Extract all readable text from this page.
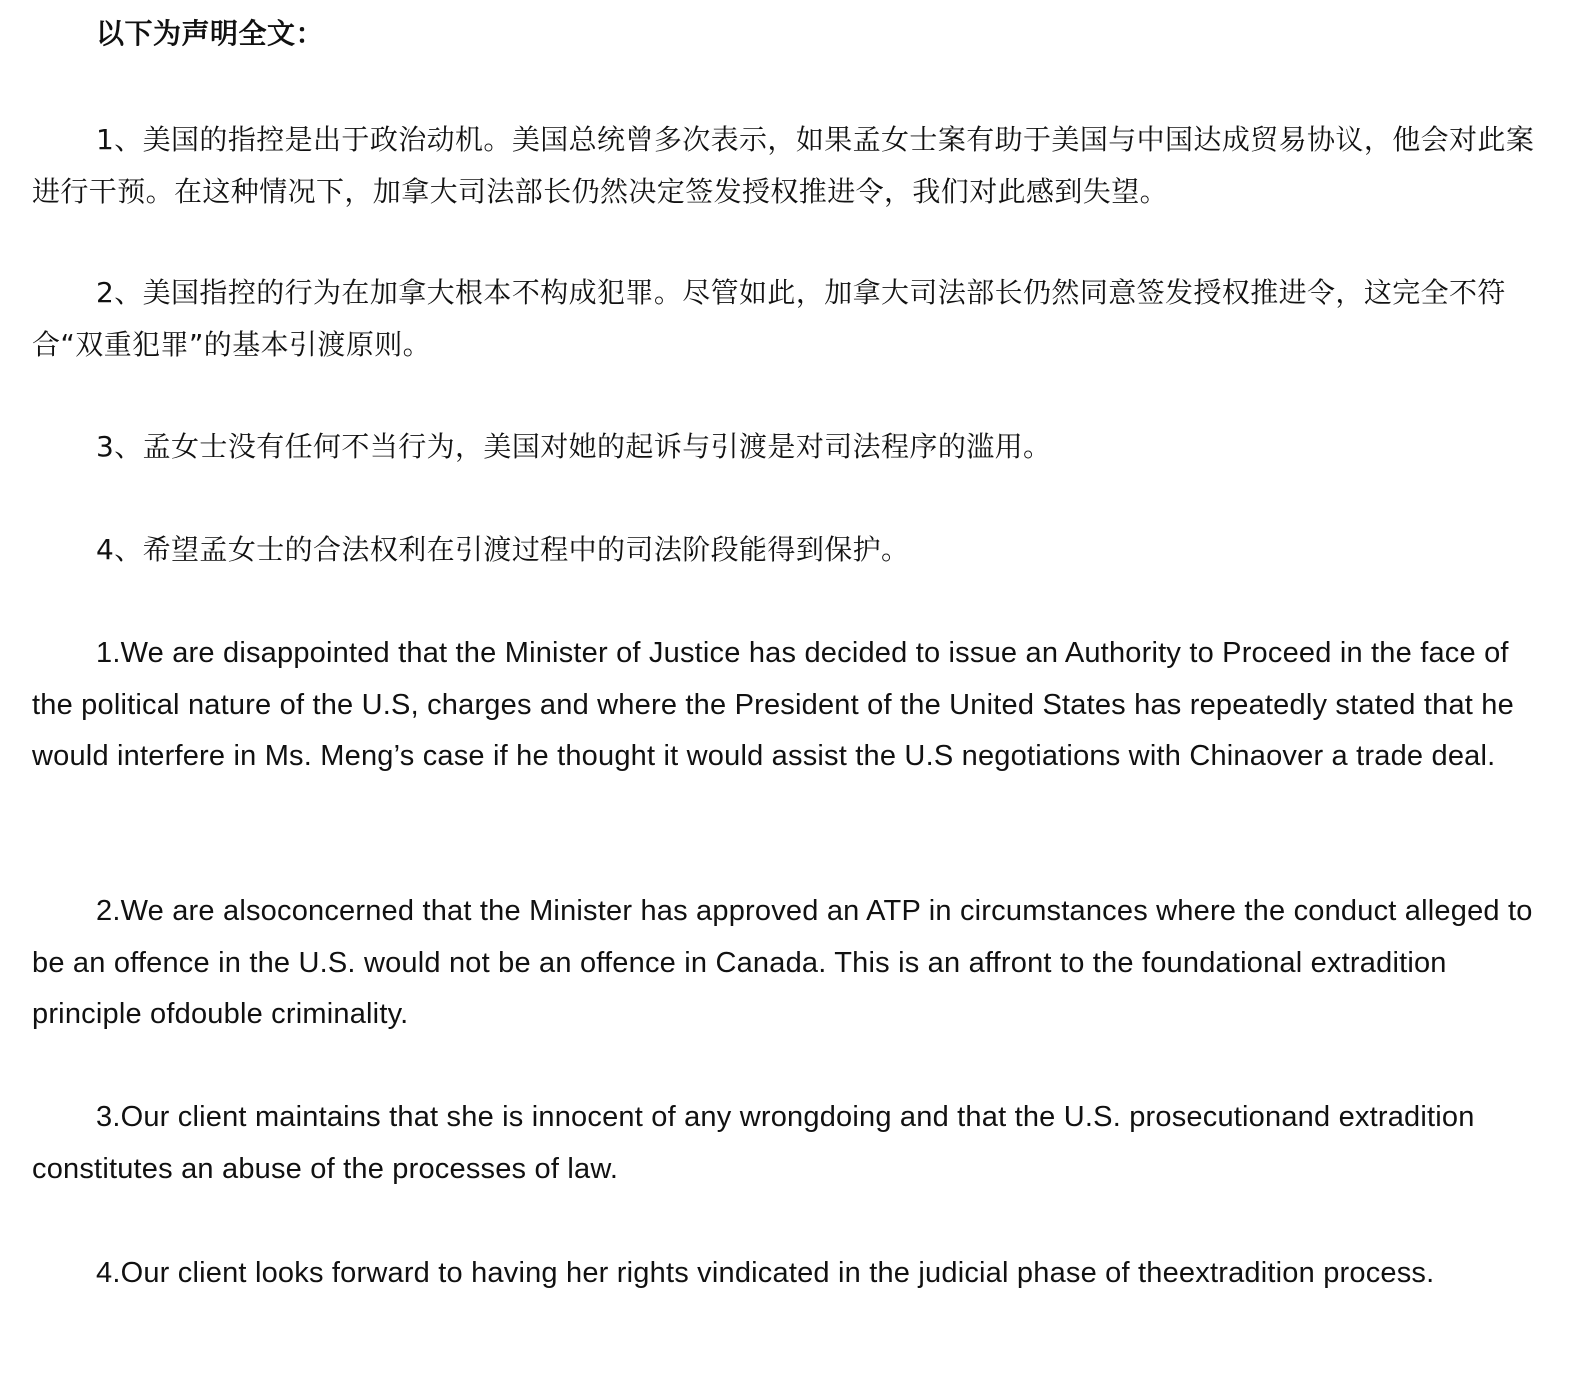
以下为声明全文：

1、美国的指控是出于政治动机。美国总统曾多次表示，如果孟女士案有助于美国与中国达成贸易协议，他会对此案进行干预。在这种情况下，加拿大司法部长仍然决定签发授权推进令，我们对此感到失望。

2、美国指控的行为在加拿大根本不构成犯罪。尽管如此，加拿大司法部长仍然同意签发授权推进令，这完全不符合“双重犯罪”的基本引渡原则。

3、孟女士没有任何不当行为，美国对她的起诉与引渡是对司法程序的滥用。

4、希望孟女士的合法权利在引渡过程中的司法阶段能得到保护。

1.We are disappointed that the Minister of Justice has decided to issue an Authority to Proceed in the face of the political nature of the U.S, charges and where the President of the United States has repeatedly stated that he would interfere in Ms. Meng’s case if he thought it would assist the U.S negotiations with Chinaover a trade deal.

2.We are alsoconcerned that the Minister has approved an ATP in circumstances where the conduct alleged to be an offence in the U.S. would not be an offence in Canada. This is an affront to the foundational extradition principle ofdouble criminality.

3.Our client maintains that she is innocent of any wrongdoing and that the U.S. prosecutionand extradition constitutes an abuse of the processes of law.

4.Our client looks forward to having her rights vindicated in the judicial phase of theextradition process.
